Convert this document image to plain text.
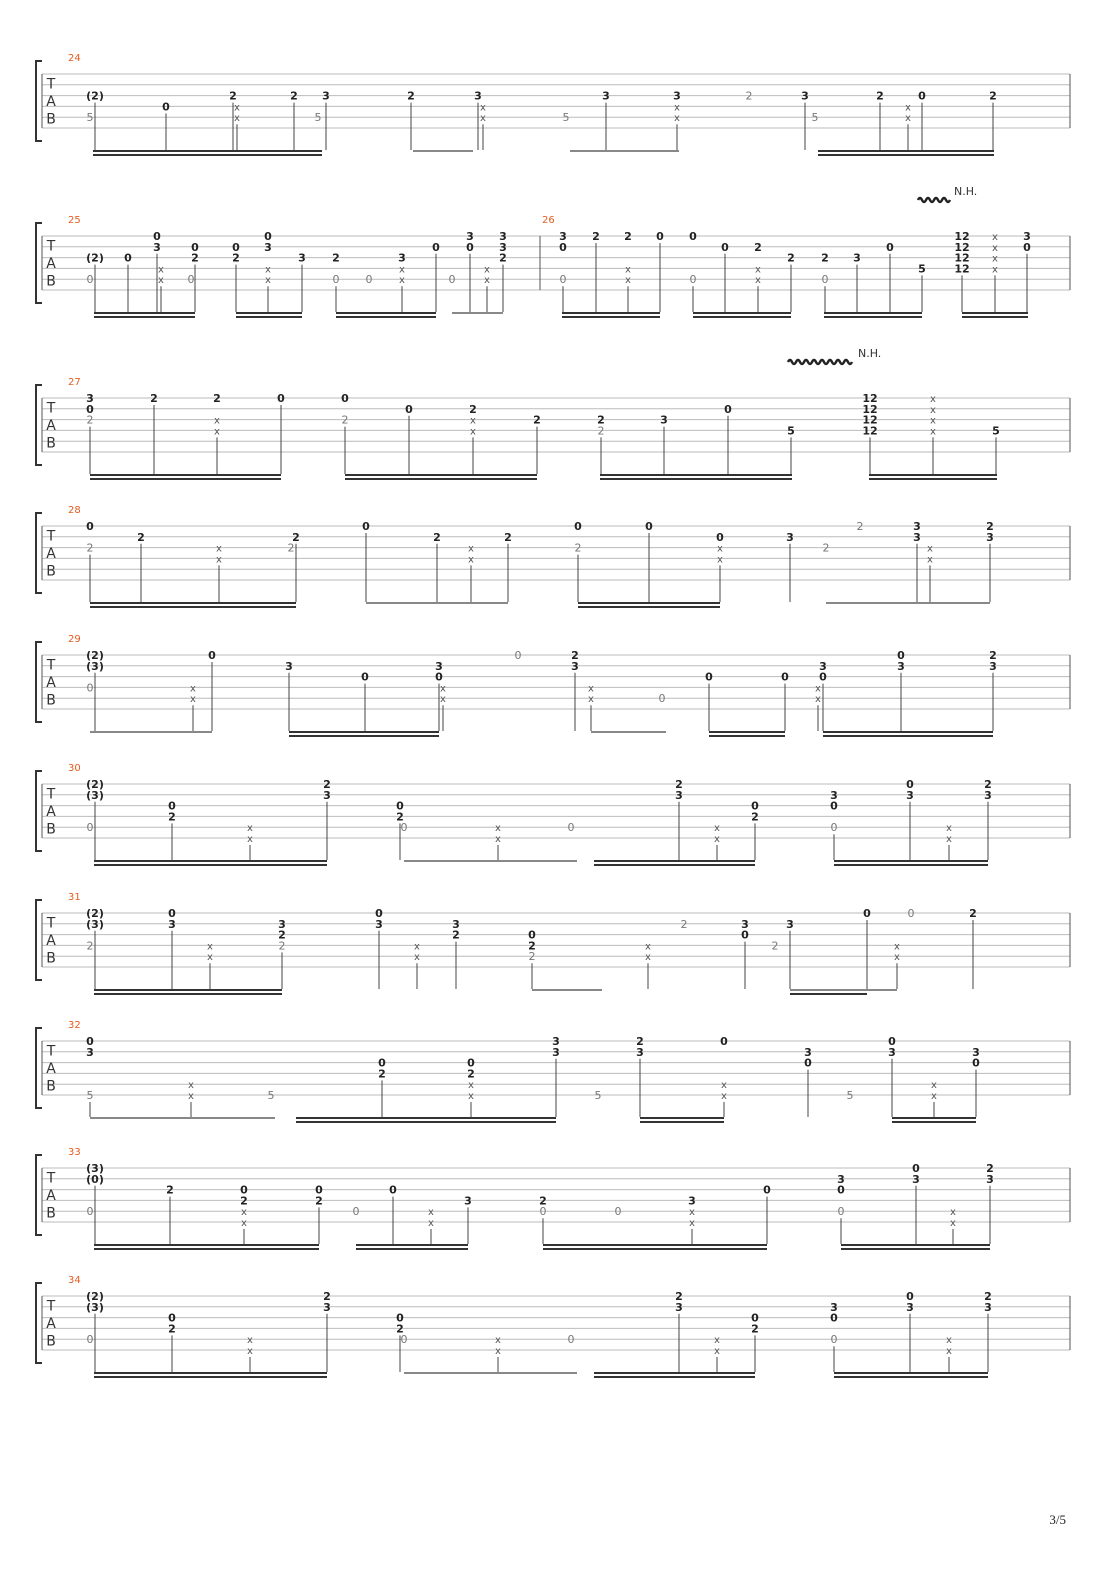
T
A
B
24
(2)
5
0
2
x
x
2
5
3	2	3
x
x	5
3	3
x
x
2	3
5
2
x
x
0	2
T
A
B
25	26
(2)
0
0
0
3
x
x 0
0
2
0
2
0
3
x
x
3 2
0 0
3
x
x
0
0
3
0
3
3
2
x
x
3
0
0
2 2
x
x
0 0
0
0 2
x
x
2 2
0
3
0
5
12
12
12
12
x
x
x
x
3
0
T
A
B
27
3
0
2
2	2
x
x
0	0
2
0	2
x
x
2	2
2
3
0
5
12
12
12
12
x
x
x
x	5
T
A
B
28
0
2
2
x
x
2
2
0
2
x
x
2
0
2
0
0
x
x
3
2
2
3
3
x
x
2
3
T
A
B
29
(2)
(3)
0	x
x
0
3
0
3
0
x
x
0	2
3
x
x	0
0	0
3
0
x
x
0
3
2
3
T
A
B
30
(2)
(3)
0
0
2
x
x
2
3
0
2
0	x
x
0
2
3
x
x
0
2
3
0
0
0
3
x
x
2
3
T
A
B
31
(2)
(3)
2
0
3
x
x
3
2
2
0
3
x
x
3
2	0
2
2
x
x
2	3
0
2
3
0
x
x
0	2
T
A
B
32
0
3
5
x
x	5
0
2
0
2
x
x
3
3
5
2
3
0
x
x
3
0
5
0
3
x
x
3
0
T
A
B
33
(3)
(0)
0
2	0
2
x
x
0
2
0
0
x
x
3	2
0	0
3
x
x
0
3
0
0
0
3
x
x
2
3
T
A
B
34
(2)
(3)
0
0
2
x
x
2
3
0
2
0	x
x
0
2
3
x
x
0
2
3
0
0
0
3
x
x
2
3
N.H.
N.H.
3/5
